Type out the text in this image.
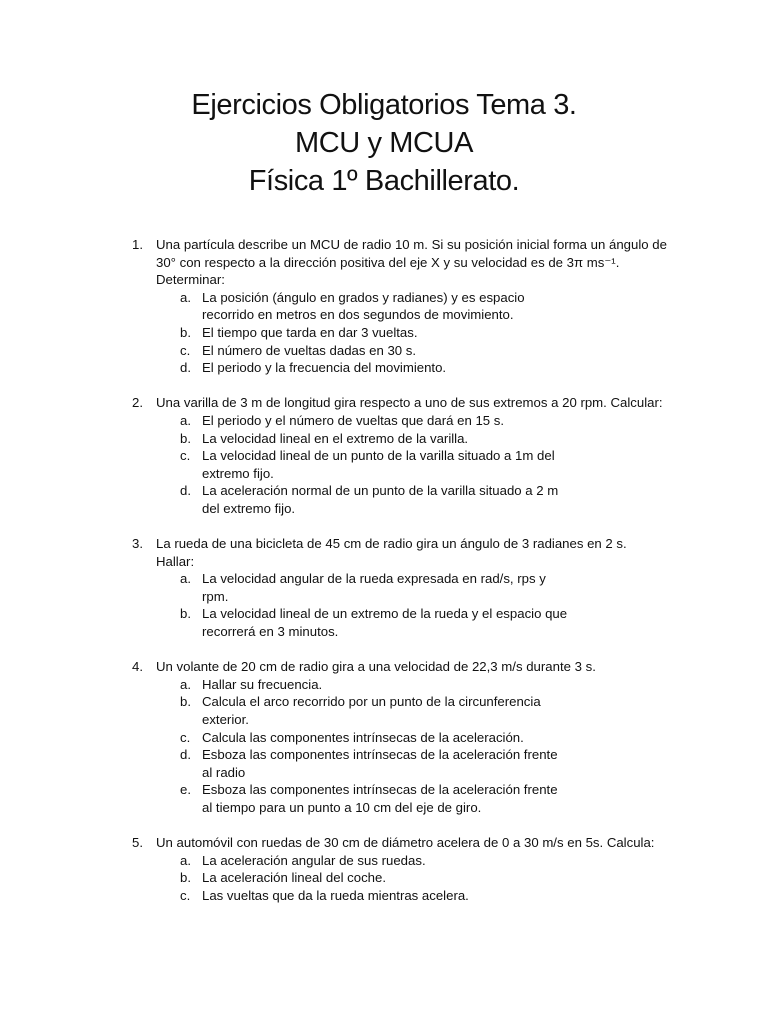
Ejercicios Obligatorios Tema 3.
MCU y MCUA
Física 1º Bachillerato.
1. Una partícula describe un MCU de radio 10 m. Si su posición inicial forma un ángulo de 30° con respecto a la dirección positiva del eje X y su velocidad es de 3π ms⁻¹. Determinar:
a. La posición (ángulo en grados y radianes) y es espacio recorrido en metros en dos segundos de movimiento.
b. El tiempo que tarda en dar 3 vueltas.
c. El número de vueltas dadas en 30 s.
d. El periodo y la frecuencia del movimiento.
2. Una varilla de 3 m de longitud gira respecto a uno de sus extremos a 20 rpm. Calcular:
a. El periodo y el número de vueltas que dará en 15 s.
b. La velocidad lineal en el extremo de la varilla.
c. La velocidad lineal de un punto de la varilla situado a 1m del extremo fijo.
d. La aceleración normal de un punto de la varilla situado a 2 m del extremo fijo.
3. La rueda de una bicicleta de 45 cm de radio gira un ángulo de 3 radianes en 2 s. Hallar:
a. La velocidad angular de la rueda expresada en rad/s, rps y rpm.
b. La velocidad lineal de un extremo de la rueda y el espacio que recorrerá en 3 minutos.
4. Un volante de 20 cm de radio gira a una velocidad de 22,3 m/s durante 3 s.
a. Hallar su frecuencia.
b. Calcula el arco recorrido por un punto de la circunferencia exterior.
c. Calcula las componentes intrínsecas de la aceleración.
d. Esboza las componentes intrínsecas de la aceleración frente al radio
e. Esboza las componentes intrínsecas de la aceleración frente al tiempo para un punto a 10 cm del eje de giro.
5. Un automóvil con ruedas de 30 cm de diámetro acelera de 0 a 30 m/s en 5s. Calcula:
a. La aceleración angular de sus ruedas.
b. La aceleración lineal del coche.
c. Las vueltas que da la rueda mientras acelera.
